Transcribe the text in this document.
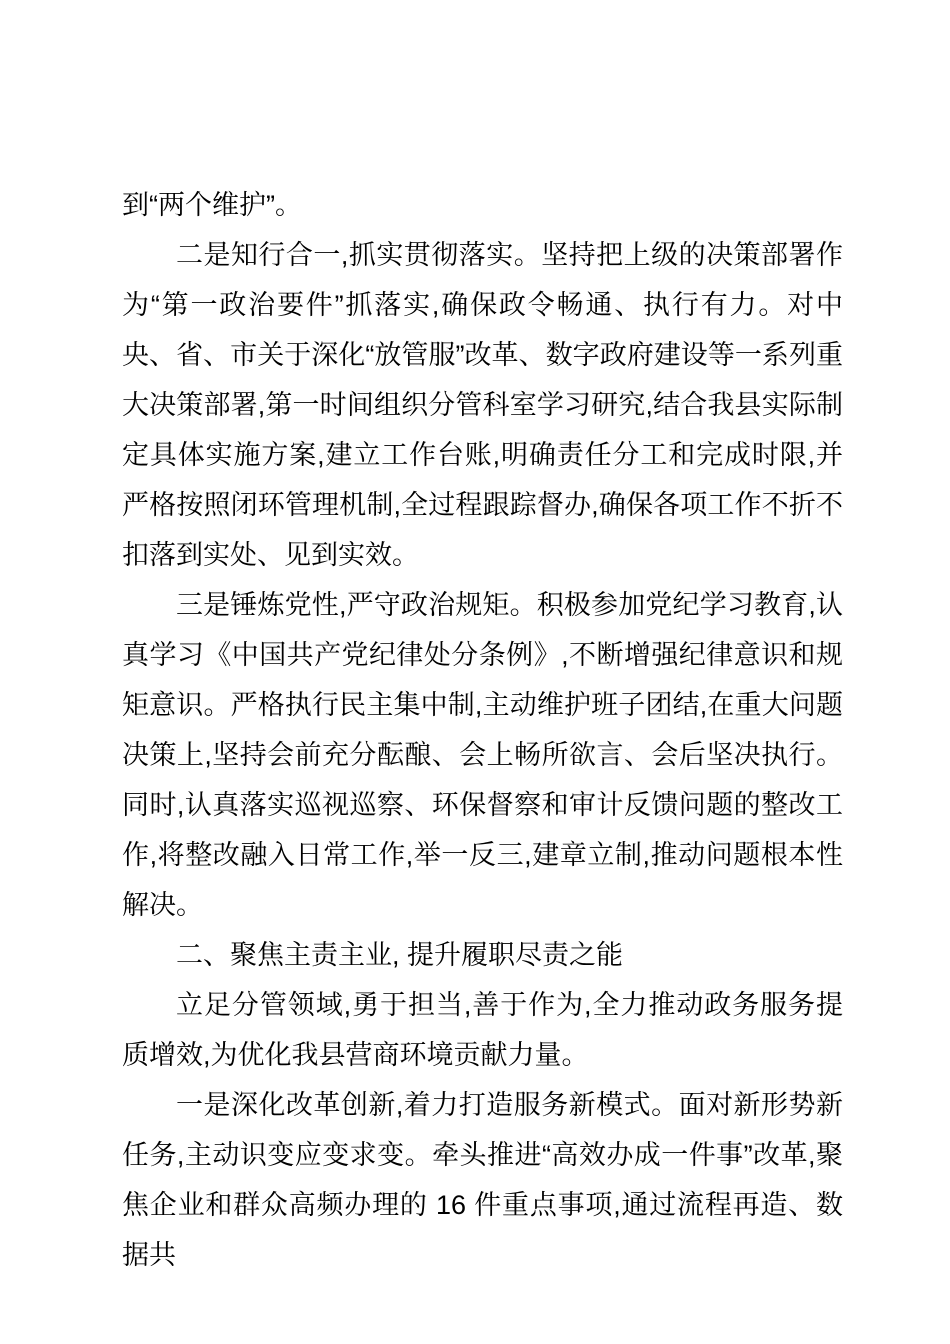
到“两个维护”。

二是知行合一,抓实贯彻落实。坚持把上级的决策部署作为“第一政治要件”抓落实,确保政令畅通、执行有力。对中央、省、市关于深化“放管服”改革、数字政府建设等一系列重大决策部署,第一时间组织分管科室学习研究,结合我县实际制定具体实施方案,建立工作台账,明确责任分工和完成时限,并严格按照闭环管理机制,全过程跟踪督办,确保各项工作不折不扣落到实处、见到实效。

三是锤炼党性,严守政治规矩。积极参加党纪学习教育,认真学习《中国共产党纪律处分条例》,不断增强纪律意识和规矩意识。严格执行民主集中制,主动维护班子团结,在重大问题决策上,坚持会前充分酝酿、会上畅所欲言、会后坚决执行。同时,认真落实巡视巡察、环保督察和审计反馈问题的整改工作,将整改融入日常工作,举一反三,建章立制,推动问题根本性解决。

二、聚焦主责主业, 提升履职尽责之能

立足分管领域,勇于担当,善于作为,全力推动政务服务提质增效,为优化我县营商环境贡献力量。

一是深化改革创新,着力打造服务新模式。面对新形势新任务,主动识变应变求变。牵头推进“高效办成一件事”改革,聚焦企业和群众高频办理的 16 件重点事项,通过流程再造、数据共
